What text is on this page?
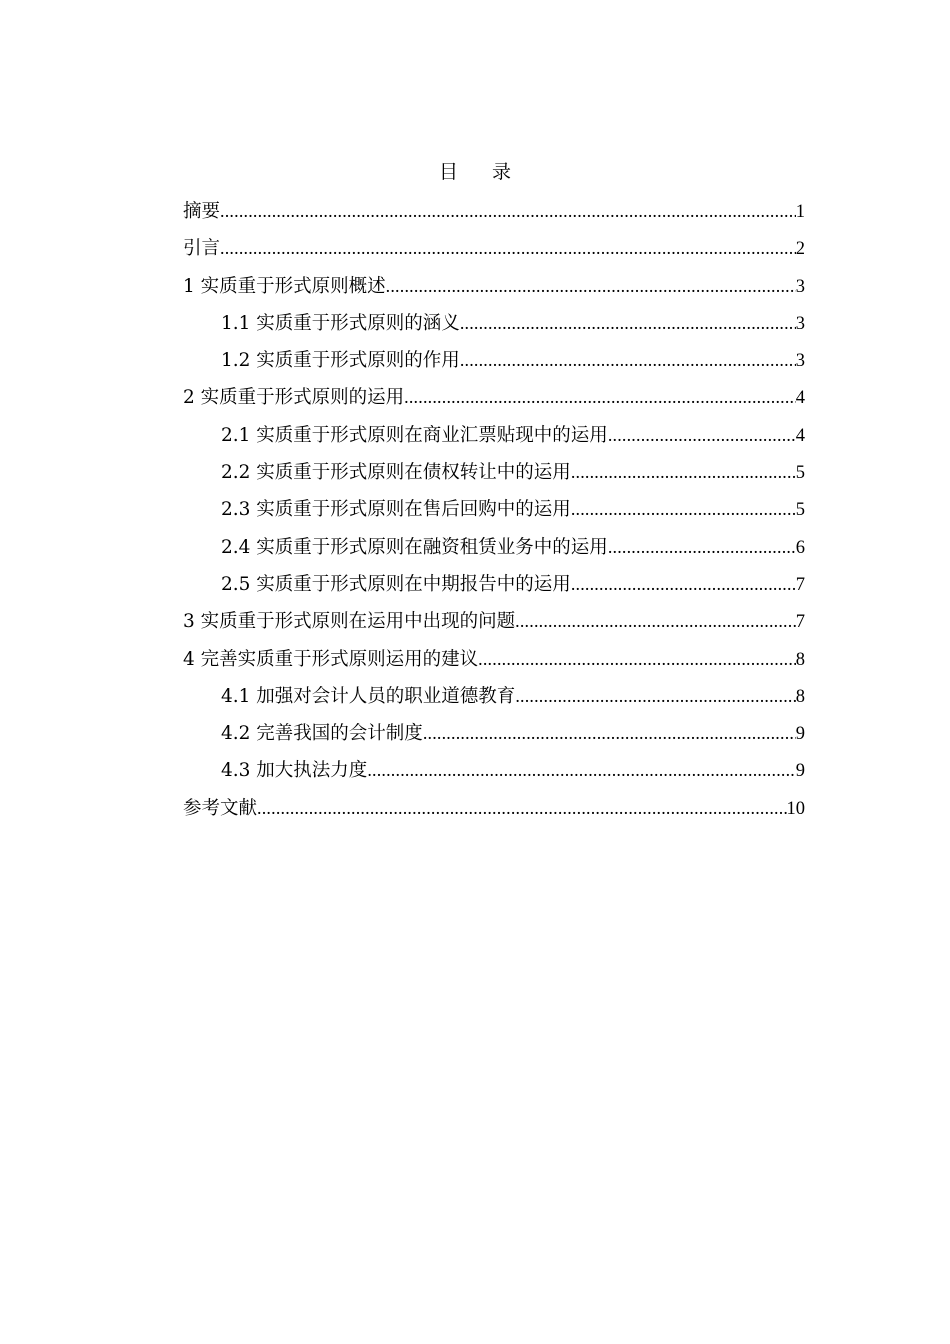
目 录
摘要 .....	1
引言 .....	2
1 实质重于形式原则概述 .....	3
1.1 实质重于形式原则的涵义 .....	3
1.2 实质重于形式原则的作用 .....	3
2 实质重于形式原则的运用 .....	4
2.1 实质重于形式原则在商业汇票贴现中的运用 .....	4
2.2 实质重于形式原则在债权转让中的运用 .....	5
2.3 实质重于形式原则在售后回购中的运用 .....	5
2.4 实质重于形式原则在融资租赁业务中的运用 .....	6
2.5 实质重于形式原则在中期报告中的运用 .....	7
3 实质重于形式原则在运用中出现的问题 .....	7
4 完善实质重于形式原则运用的建议 .....	8
4.1 加强对会计人员的职业道德教育 .....	8
4.2 完善我国的会计制度 .....	9
4.3 加大执法力度 .....	9
参考文献 .....	10
